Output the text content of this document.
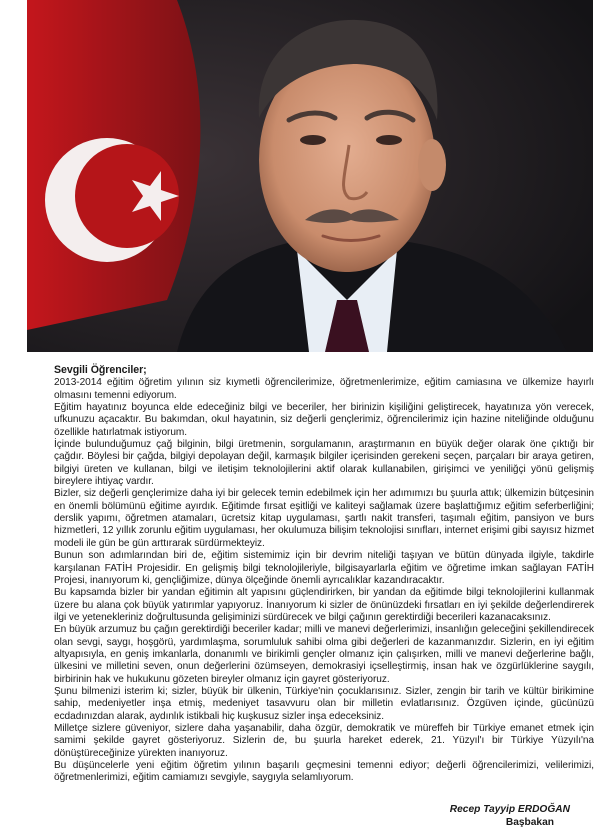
Sevgili Öğrenciler;

2013-2014 eğitim öğretim yılının siz kıymetli öğrencilerimize, öğretmenlerimize, eğitim camiasına ve ülkemize hayırlı olmasını temenni ediyorum.

Eğitim hayatınız boyunca elde edeceğiniz bilgi ve beceriler, her birinizin kişiliğini geliştirecek, hayatınıza yön verecek, ufkunuzu açacaktır. Bu bakımdan, okul hayatınin, siz değerli gençlerimiz, öğrencilerimiz için hazine niteliğinde olduğunu özellikle hatırlatmak istiyorum.

İçinde bulunduğumuz çağ bilginin, bilgi üretmenin, sorgulamanın, araştırmanın en büyük değer olarak öne çıktığı bir çağdır. Böylesi bir çağda, bilgiyi depolayan değil, karmaşık bilgiler içerisinden gerekeni seçen, parçaları bir araya getiren, bilgiyi üreten ve kullanan, bilgi ve iletişim teknolojilerini aktif olarak kullanabilen, girişimci ve yeniliğçi yönü gelişmiş bireylere ihtiyaç vardır.

Bizler, siz değerli gençlerimize daha iyi bir gelecek temin edebilmek için her adımımızı bu şuurla attık; ülkemizin bütçesinin en önemli bölümünü eğitime ayırdık. Eğitimde fırsat eşitliği ve kaliteyi sağlamak üzere başlattığımız eğitim seferberliğini; derslik yapımı, öğretmen atamaları, ücretsiz kitap uygulaması, şartlı nakit transferi, taşımalı eğitim, pansiyon ve burs hizmetleri, 12 yıllık zorunlu eğitim uygulaması, her okulumuza bilişim teknolojisi sınıfları, internet erişimi gibi sayısız hizmet modeli ile gün be gün arttırarak sürdürmekteyiz.

Bunun son adımlarından biri de, eğitim sistemimiz için bir devrim niteliği taşıyan ve bütün dünyada ilgiyle, takdirle karşılanan FATİH Projesidir. En gelişmiş bilgi teknolojileriyle, bilgisayarlarla eğitim ve öğretime imkan sağlayan FATİH Projesi, inanıyorum ki, gençliğimize, dünya ölçeğinde önemli ayrıcalıklar kazandıracaktır.

Bu kapsamda bizler bir yandan eğitimin alt yapısını güçlendirirken, bir yandan da eğitimde bilgi teknolojilerini kullanmak üzere bu alana çok büyük yatırımlar yapıyoruz. İnanıyorum ki sizler de önünüzdeki fırsatları en iyi şekilde değerlendirerek ilgi ve yetenekleriniz doğrultusunda gelişiminizi sürdürecek ve bilgi çağının gerektirdiği becerileri kazanacaksınız.

En büyük arzumuz bu çağın gerektirdiği beceriler kadar; milli ve manevi değerlerimizi, insanlığın geleceğini şekillendirecek olan sevgi, saygı, hoşgörü, yardımlaşma, sorumluluk sahibi olma gibi değerleri de kazanmanızdır. Sizlerin, en iyi eğitim altyapısıyla, en geniş imkanlarla, donanımlı ve birikimli gençler olmanız için çalışırken, milli ve manevi değerlerine bağlı, ülkesini ve milletini seven, onun değerlerini özümseyen, demokrasiyi içselleştirmiş, insan hak ve özgürlüklerine saygılı, birbirinin hak ve hukukunu gözeten bireyler olmanız için gayret gösteriyoruz.

Şunu bilmenizi isterim ki; sizler, büyük bir ülkenin, Türkiye'nin çocuklarısınız. Sizler, zengin bir tarih ve kültür birikimine sahip, medeniyetler inşa etmiş, medeniyet tasavvuru olan bir milletin evlatlarısınız. Özgüven içinde, gücünüzü ecdadınızdan alarak, aydınlık istikbali hiç kuşkusuz sizler inşa edeceksiniz.

Milletçe sizlere güveniyor, sizlere daha yaşanabilir, daha özgür, demokratik ve müreffeh bir Türkiye emanet etmek için samimi şekilde gayret gösteriyoruz. Sizlerin de, bu şuurla hareket ederek, 21. Yüzyıl'ı bir Türkiye Yüzyılı'na dönüştüreceğinize yürekten inanıyoruz.

Bu düşüncelerle yeni eğitim öğretim yılının başarılı geçmesini temenni ediyor; değerli öğrencilerimizi, velilerimizi, öğretmenlerimizi, eğitim camiamızı sevgiyle, saygıyla selamlıyorum.

Recep Tayyip ERDOĞAN
Başbakan
